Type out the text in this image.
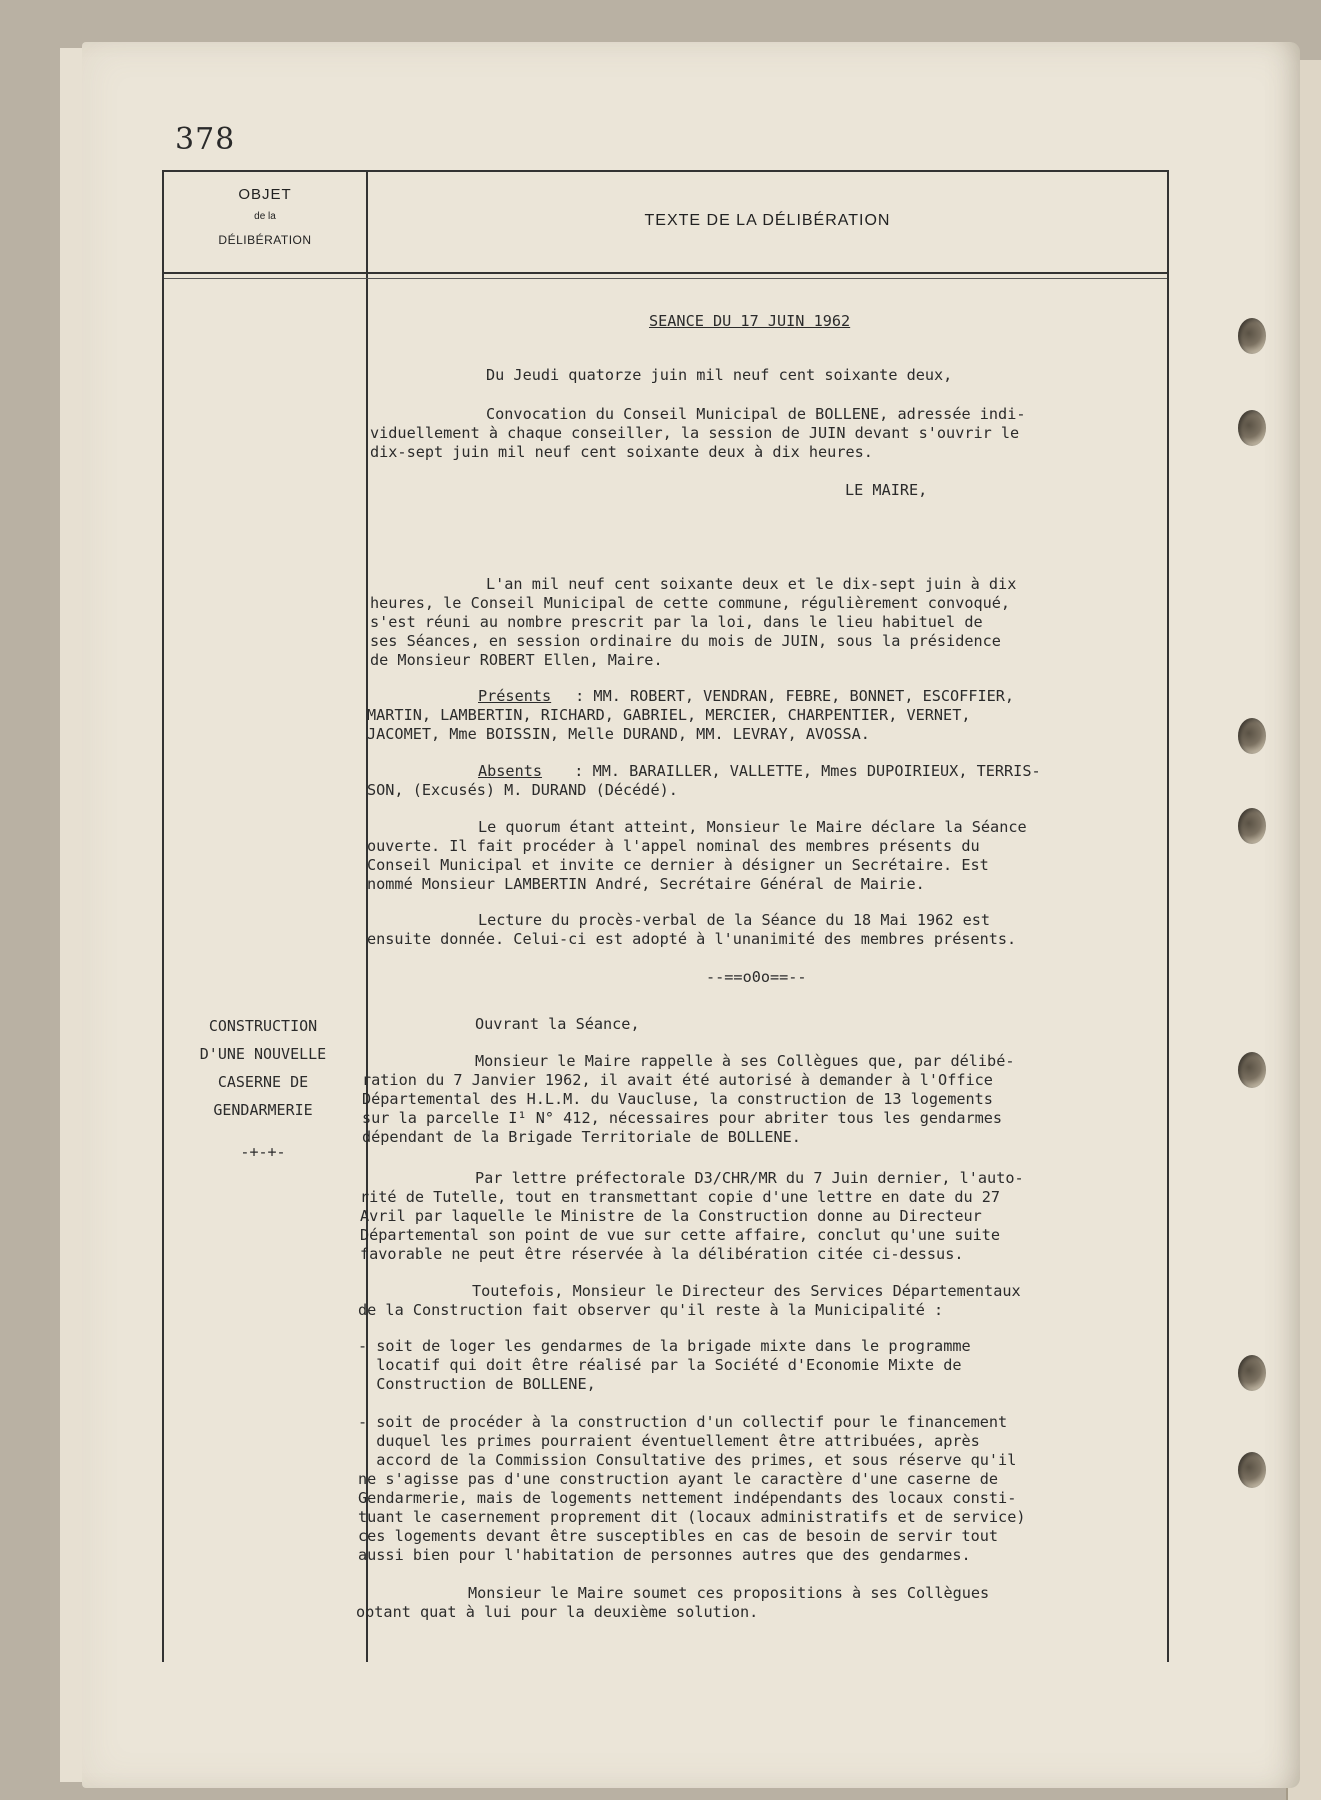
378
OBJET
de la
DÉLIBÉRATION
TEXTE DE LA DÉLIBÉRATION
CONSTRUCTION
D'UNE NOUVELLE
CASERNE DE
GENDARMERIE
-+-+-
SEANCE DU 17 JUIN 1962
Du Jeudi quatorze juin mil neuf cent soixante deux,
Convocation du Conseil Municipal de BOLLENE, adressée indi-
viduellement à chaque conseiller, la session de JUIN devant s'ouvrir le
dix-sept juin mil neuf cent soixante deux à dix heures.
LE MAIRE,
L'an mil neuf cent soixante deux et le dix-sept juin à dix
heures, le Conseil Municipal de cette commune, régulièrement convoqué,
s'est réuni au nombre prescrit par la loi, dans le lieu habituel de
ses Séances, en session ordinaire du mois de JUIN, sous la présidence
de Monsieur ROBERT Ellen, Maire.
Présents : MM. ROBERT, VENDRAN, FEBRE, BONNET, ESCOFFIER,
MARTIN, LAMBERTIN, RICHARD, GABRIEL, MERCIER, CHARPENTIER, VERNET,
JACOMET, Mme BOISSIN, Melle DURAND, MM. LEVRAY, AVOSSA.
Absents : MM. BARAILLER, VALLETTE, Mmes DUPOIRIEUX, TERRIS-
SON, (Excusés) M. DURAND (Décédé).
Le quorum étant atteint, Monsieur le Maire déclare la Séance
ouverte. Il fait procéder à l'appel nominal des membres présents du
Conseil Municipal et invite ce dernier à désigner un Secrétaire. Est
nommé Monsieur LAMBERTIN André, Secrétaire Général de Mairie.
Lecture du procès-verbal de la Séance du 18 Mai 1962 est
ensuite donnée. Celui-ci est adopté à l'unanimité des membres présents.
--==o0o==--
Ouvrant la Séance,
Monsieur le Maire rappelle à ses Collègues que, par délibé-
ration du 7 Janvier 1962, il avait été autorisé à demander à l'Office
Départemental des H.L.M. du Vaucluse, la construction de 13 logements
sur la parcelle I¹ N° 412, nécessaires pour abriter tous les gendarmes
dépendant de la Brigade Territoriale de BOLLENE.
Par lettre préfectorale D3/CHR/MR du 7 Juin dernier, l'auto-
rité de Tutelle, tout en transmettant copie d'une lettre en date du 27
Avril par laquelle le Ministre de la Construction donne au Directeur
Départemental son point de vue sur cette affaire, conclut qu'une suite
favorable ne peut être réservée à la délibération citée ci-dessus.
Toutefois, Monsieur le Directeur des Services Départementaux
de la Construction fait observer qu'il reste à la Municipalité :
- soit de loger les gendarmes de la brigade mixte dans le programme
locatif qui doit être réalisé par la Société d'Economie Mixte de
Construction de BOLLENE,
- soit de procéder à la construction d'un collectif pour le financement
duquel les primes pourraient éventuellement être attribuées, après
accord de la Commission Consultative des primes, et sous réserve qu'il
ne s'agisse pas d'une construction ayant le caractère d'une caserne de
Gendarmerie, mais de logements nettement indépendants des locaux consti-
tuant le casernement proprement dit (locaux administratifs et de service)
ces logements devant être susceptibles en cas de besoin de servir tout
aussi bien pour l'habitation de personnes autres que des gendarmes.
Monsieur le Maire soumet ces propositions à ses Collègues
optant quat à lui pour la deuxième solution.
